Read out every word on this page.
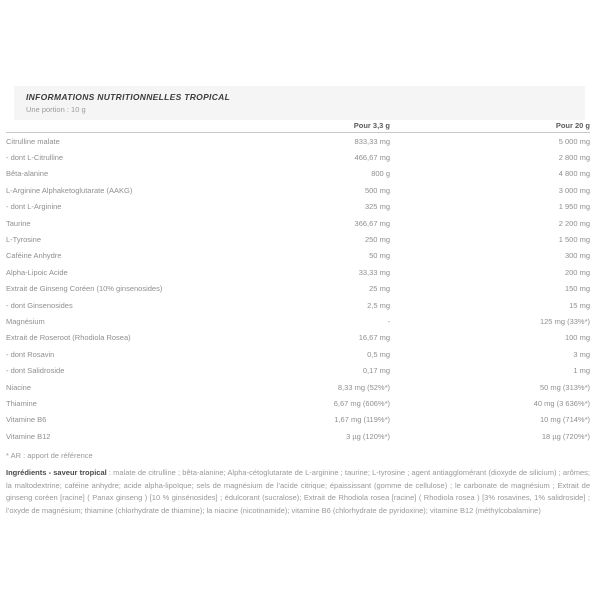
INFORMATIONS NUTRITIONNELLES TROPICAL
Une portion : 10 g
Pour 3,3 g	Pour 20 g
Citrulline malate	833,33 mg	5 000 mg
- dont L-Citrulline	466,67 mg	2 800 mg
Bêta-alanine	800 g	4 800 mg
L-Arginine Alphaketoglutarate (AAKG)	500 mg	3 000 mg
- dont L-Arginine	325 mg	1 950 mg
Taurine	366,67 mg	2 200 mg
L-Tyrosine	250 mg	1 500 mg
Caféine Anhydre	50 mg	300 mg
Alpha-Lipoic Acide	33,33 mg	200 mg
Extrait de Ginseng Coréen (10% ginsenosides)	25 mg	150 mg
- dont Ginsenosides	2,5 mg	15 mg
Magnésium	-	125 mg (33%*)
Extrait de Roseroot (Rhodiola Rosea)	16,67 mg	100 mg
- dont Rosavin	0,5 mg	3 mg
- dont Salidroside	0,17 mg	1 mg
Niacine	8,33 mg (52%*)	50 mg (313%*)
Thiamine	6,67 mg (606%*)	40 mg (3 636%*)
Vitamine B6	1,67 mg (119%*)	10 mg (714%*)
Vitamine B12	3 µg (120%*)	18 µg (720%*)
* AR : apport de référence
Ingrédients - saveur tropical : malate de citrulline ; bêta-alanine; Alpha-cétoglutarate de L-arginine ; taurine; L-tyrosine ; agent antiagglomérant (dioxyde de silicium) ; arômes; la maltodextrine; caféine anhydre; acide alpha-lipoïque; sels de magnésium de l’acide citrique; épaississant (gomme de cellulose) ; le carbonate de magnésium ; Extrait de ginseng coréen [racine] ( Panax ginseng ) [10 % ginsénosides] ; édulcorant (sucralose); Extrait de Rhodiola rosea [racine] ( Rhodiola rosea ) [3% rosavines, 1% salidroside] ; l’oxyde de magnésium; thiamine (chlorhydrate de thiamine); la niacine (nicotinamide); vitamine B6 (chlorhydrate de pyridoxine); vitamine B12 (méthylcobalamine)
